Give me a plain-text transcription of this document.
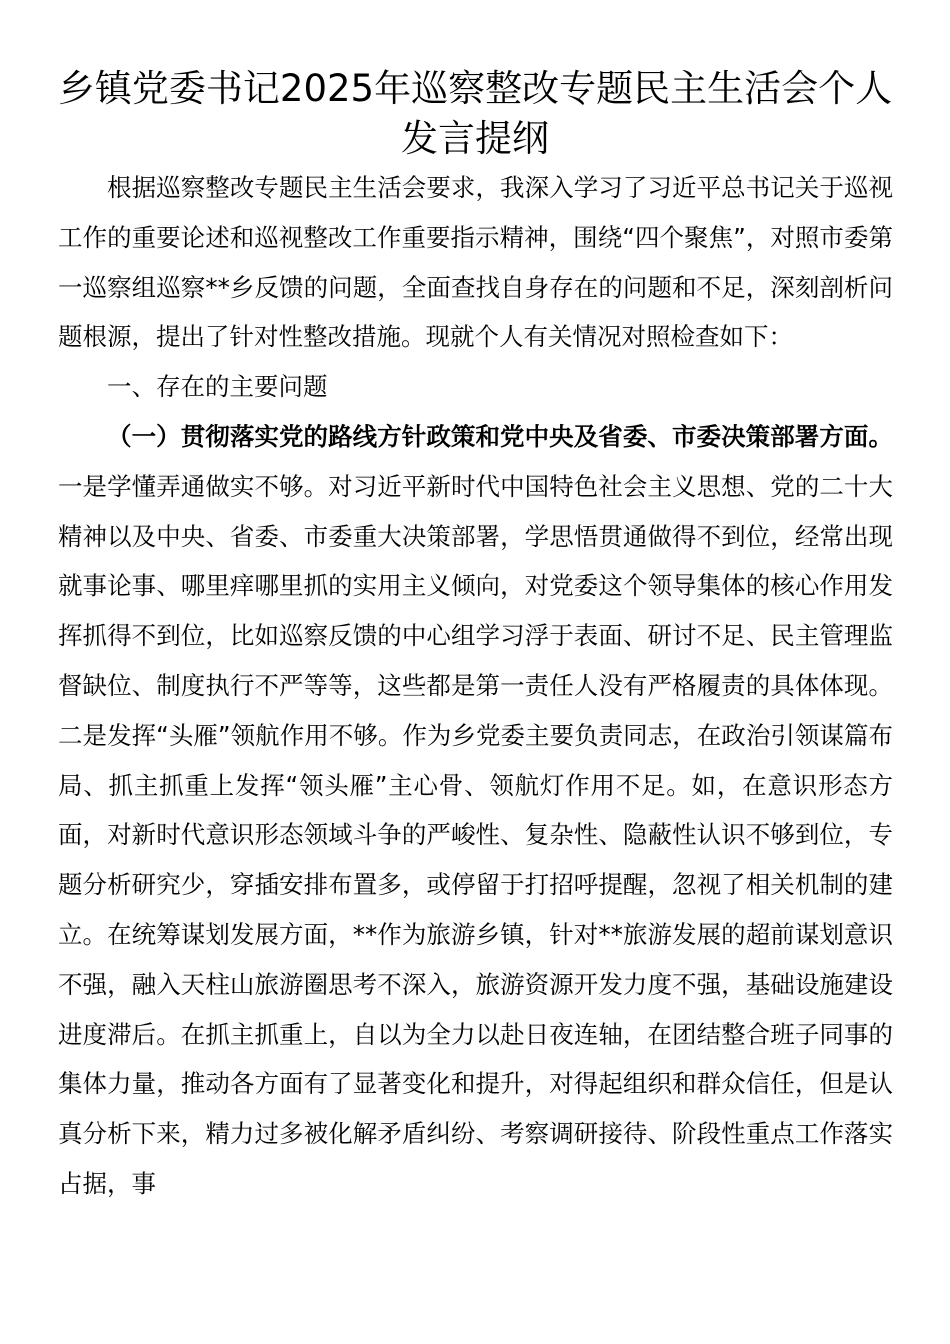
乡镇党委书记2025年巡察整改专题民主生活会个人发言提纲

根据巡察整改专题民主生活会要求，我深入学习了习近平总书记关于巡视工作的重要论述和巡视整改工作重要指示精神，围绕“四个聚焦”，对照市委第一巡察组巡察**乡反馈的问题，全面查找自身存在的问题和不足，深刻剖析问题根源，提出了针对性整改措施。现就个人有关情况对照检查如下：

一、存在的主要问题

（一）贯彻落实党的路线方针政策和党中央及省委、市委决策部署方面。一是学懂弄通做实不够。对习近平新时代中国特色社会主义思想、党的二十大精神以及中央、省委、市委重大决策部署，学思悟贯通做得不到位，经常出现就事论事、哪里痒哪里抓的实用主义倾向，对党委这个领导集体的核心作用发挥抓得不到位，比如巡察反馈的中心组学习浮于表面、研讨不足、民主管理监督缺位、制度执行不严等等，这些都是第一责任人没有严格履责的具体体现。二是发挥“头雁”领航作用不够。作为乡党委主要负责同志，在政治引领谋篇布局、抓主抓重上发挥“领头雁”主心骨、领航灯作用不足。如，在意识形态方面，对新时代意识形态领域斗争的严峻性、复杂性、隐蔽性认识不够到位，专题分析研究少，穿插安排布置多，或停留于打招呼提醒，忽视了相关机制的建立。在统筹谋划发展方面，**作为旅游乡镇，针对**旅游发展的超前谋划意识不强，融入天柱山旅游圈思考不深入，旅游资源开发力度不强，基础设施建设进度滞后。在抓主抓重上，自以为全力以赴日夜连轴，在团结整合班子同事的集体力量，推动各方面有了显著变化和提升，对得起组织和群众信任，但是认真分析下来，精力过多被化解矛盾纠纷、考察调研接待、阶段性重点工作落实占据，事
